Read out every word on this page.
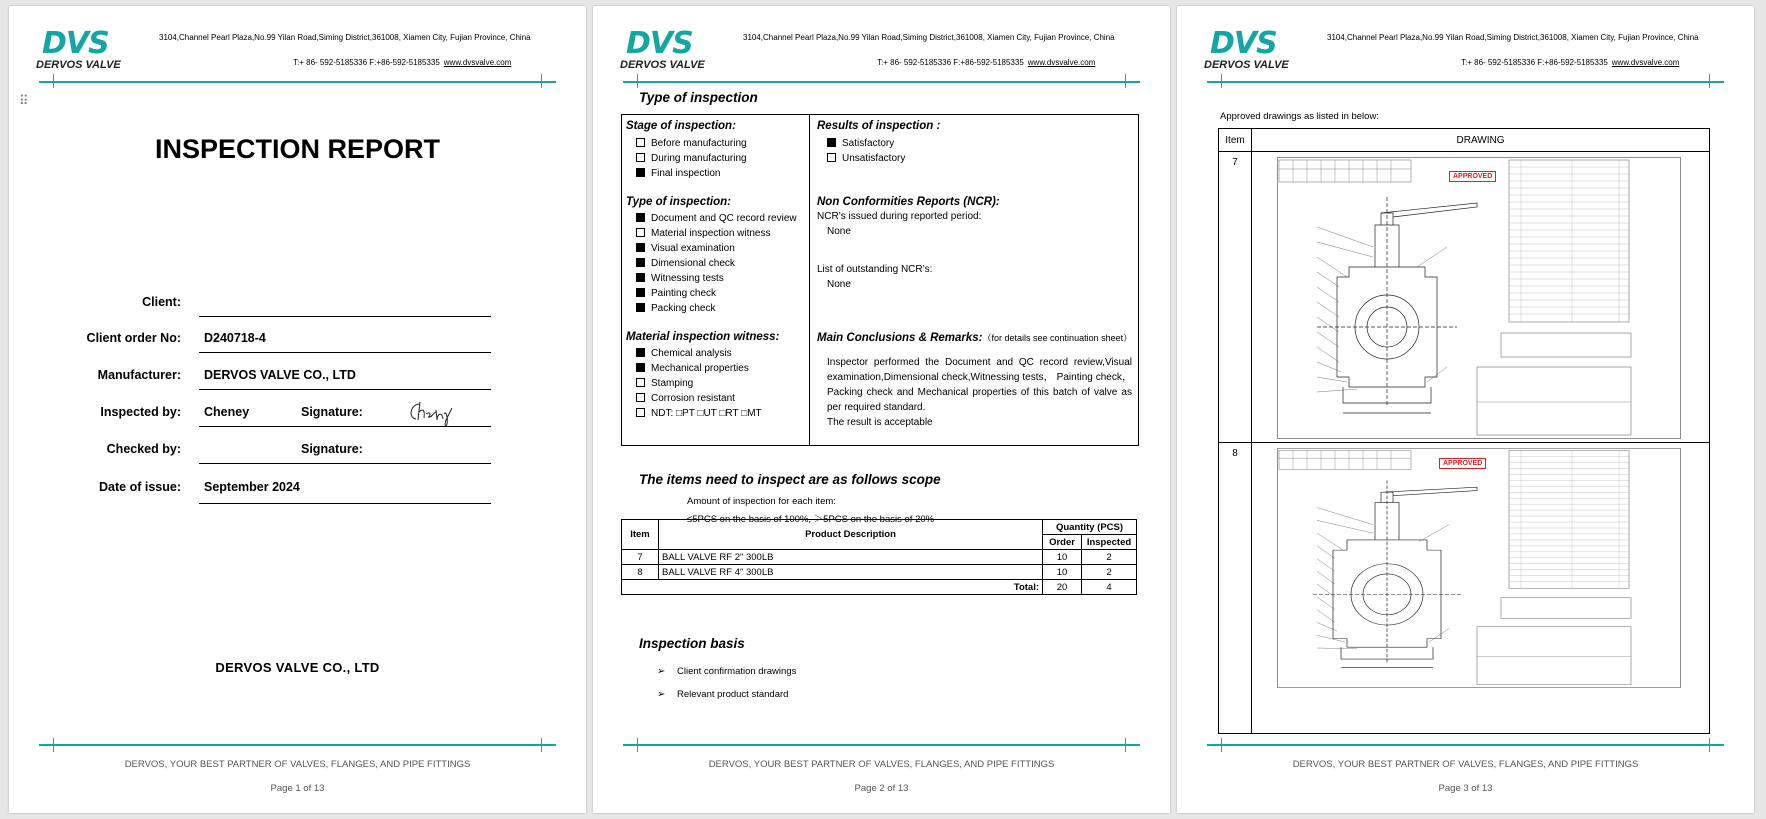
DVS
DERVOS VALVE
3104,Channel Pearl Plaza,No.99 Yilan Road,Siming District,361008, Xiamen City, Fujian Province, China
T:+ 86- 592-5185336 F:+86-592-5185335 www.dvsvalve.com
⠿
INSPECTION REPORT
Client:
Client order No: D240718-4
Manufacturer: DERVOS VALVE CO., LTD
Inspected by: Cheney	Signature:
Checked by:	Signature:
Date of issue: September 2024
DERVOS VALVE CO., LTD
DERVOS, YOUR BEST PARTNER OF VALVES, FLANGES, AND PIPE FITTINGS
Page 1 of 13
DVS
DERVOS VALVE
3104,Channel Pearl Plaza,No.99 Yilan Road,Siming District,361008, Xiamen City, Fujian Province, China
T:+ 86- 592-5185336 F:+86-592-5185335 www.dvsvalve.com
Type of inspection
Stage of inspection:
Before manufacturing
During manufacturing
Final inspection
Type of inspection:
Document and QC record review
Material inspection witness
Visual examination
Dimensional check
Witnessing tests
Painting check
Packing check
Material inspection witness:
Chemical analysis
Mechanical properties
Stamping
Corrosion resistant
NDT: □PT □UT □RT □MT
Results of inspection :
Satisfactory
Unsatisfactory
Non Conformities Reports (NCR):
NCR’s issued during reported period:
None
List of outstanding NCR’s:
None
Main Conclusions & Remarks:（for details see continuation sheet）
Inspector performed the Document and QC record review,Visual examination,Dimensional check,Witnessing tests， Painting check， Packing check and Mechanical properties of this batch of valve as per required standard.
The result is acceptable
The items need to inspect are as follows scope
Amount of inspection for each item:
≤5PCS on the basis of 100%, ＞5PCS on the basis of 20%
Item	Product Description	Quantity (PCS)	
		Order	Inspected
7	BALL VALVE RF 2" 300LB	10	2
8	BALL VALVE RF 4" 300LB	10	2
Total:		20	4
Inspection basis
➢ Client confirmation drawings
➢ Relevant product standard
DERVOS, YOUR BEST PARTNER OF VALVES, FLANGES, AND PIPE FITTINGS
Page 2 of 13
DVS
DERVOS VALVE
3104,Channel Pearl Plaza,No.99 Yilan Road,Siming District,361008, Xiamen City, Fujian Province, China
T:+ 86- 592-5185336 F:+86-592-5185335 www.dvsvalve.com
Approved drawings as listed in below:
Item	DRAWING
7	APPROVED

8	APPROVED
DERVOS, YOUR BEST PARTNER OF VALVES, FLANGES, AND PIPE FITTINGS
Page 3 of 13
